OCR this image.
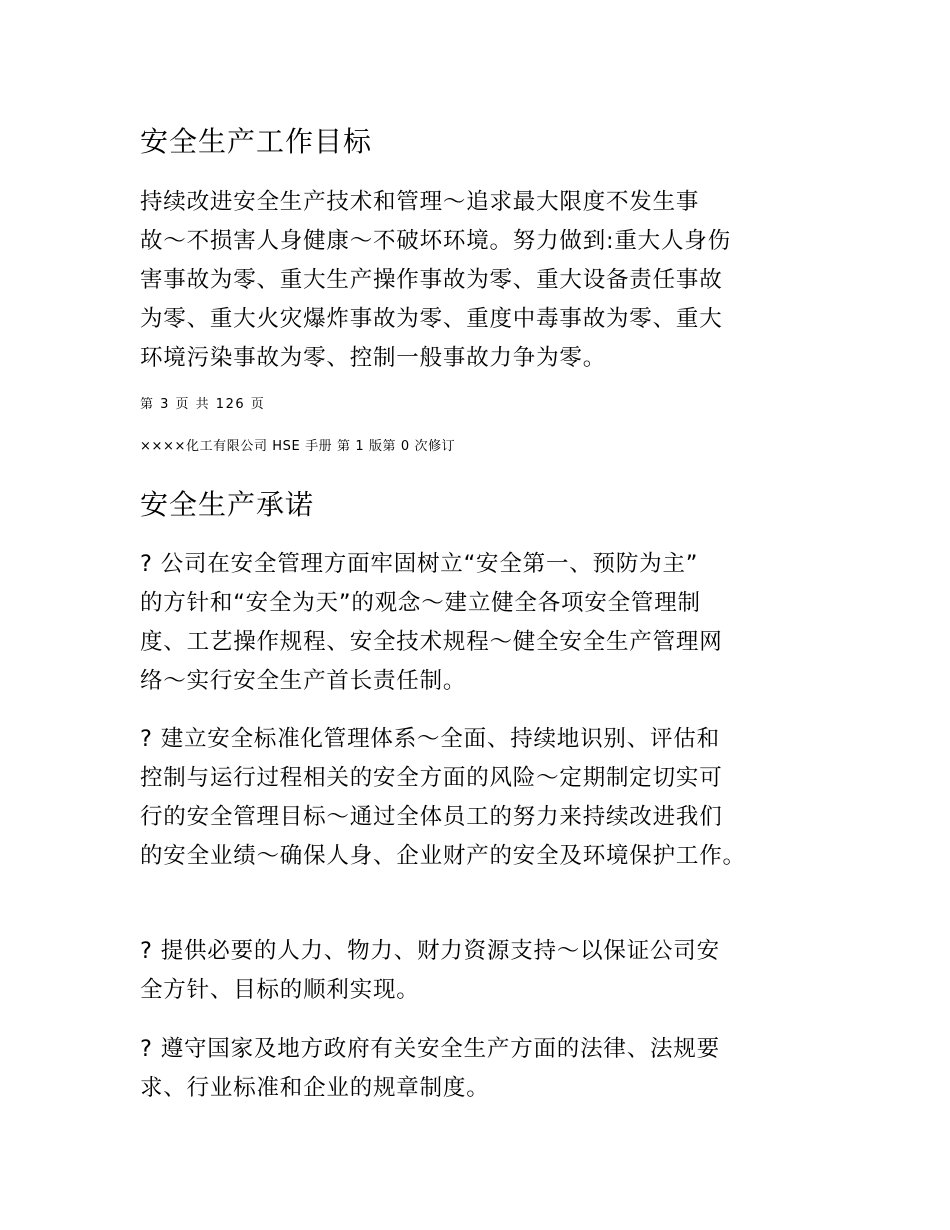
安全生产工作目标
持续改进安全生产技术和管理～追求最大限度不发生事
故～不损害人身健康～不破坏环境。努力做到:重大人身伤
害事故为零、重大生产操作事故为零、重大设备责任事故
为零、重大火灾爆炸事故为零、重度中毒事故为零、重大
环境污染事故为零、控制一般事故力争为零。
第 3 页 共 126 页
××××化工有限公司 HSE 手册 第 1 版第 0 次修订
安全生产承诺
? 公司在安全管理方面牢固树立“安全第一、预防为主”
的方针和“安全为天”的观念～建立健全各项安全管理制
度、工艺操作规程、安全技术规程～健全安全生产管理网
络～实行安全生产首长责任制。
? 建立安全标准化管理体系～全面、持续地识别、评估和
控制与运行过程相关的安全方面的风险～定期制定切实可
行的安全管理目标～通过全体员工的努力来持续改进我们
的安全业绩～确保人身、企业财产的安全及环境保护工作。
? 提供必要的人力、物力、财力资源支持～以保证公司安
全方针、目标的顺利实现。
? 遵守国家及地方政府有关安全生产方面的法律、法规要
求、行业标准和企业的规章制度。
